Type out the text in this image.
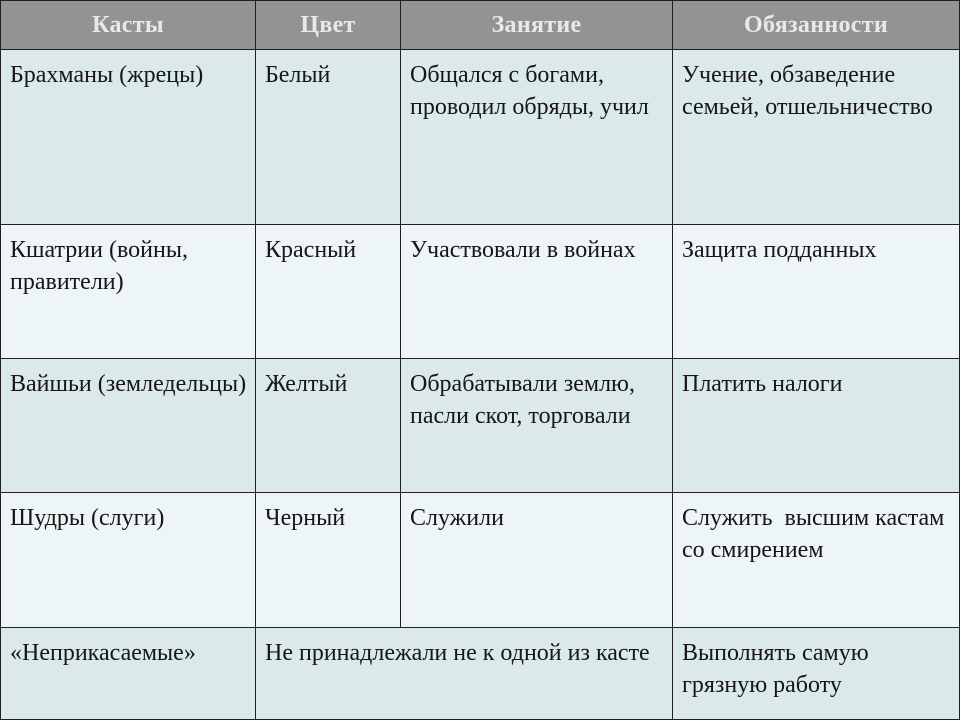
Касты	Цвет	Занятие	Обязанности
Брахманы (жрецы)	Белый	Общался с богами, проводил обряды, учил	Учение, обзаведение семьей, отшельничество
Кшатрии (войны, правители)	Красный	Участвовали в войнах	Защита подданных
Вайшьи (земледельцы)	Желтый	Обрабатывали землю, пасли скот, торговали	Платить налоги
Шудры (слуги)	Черный	Служили	Служить  высшим кастам  со смирением
«Неприкасаемые»	Не принадлежали не к одной из касте		Выполнять самую грязную работу
